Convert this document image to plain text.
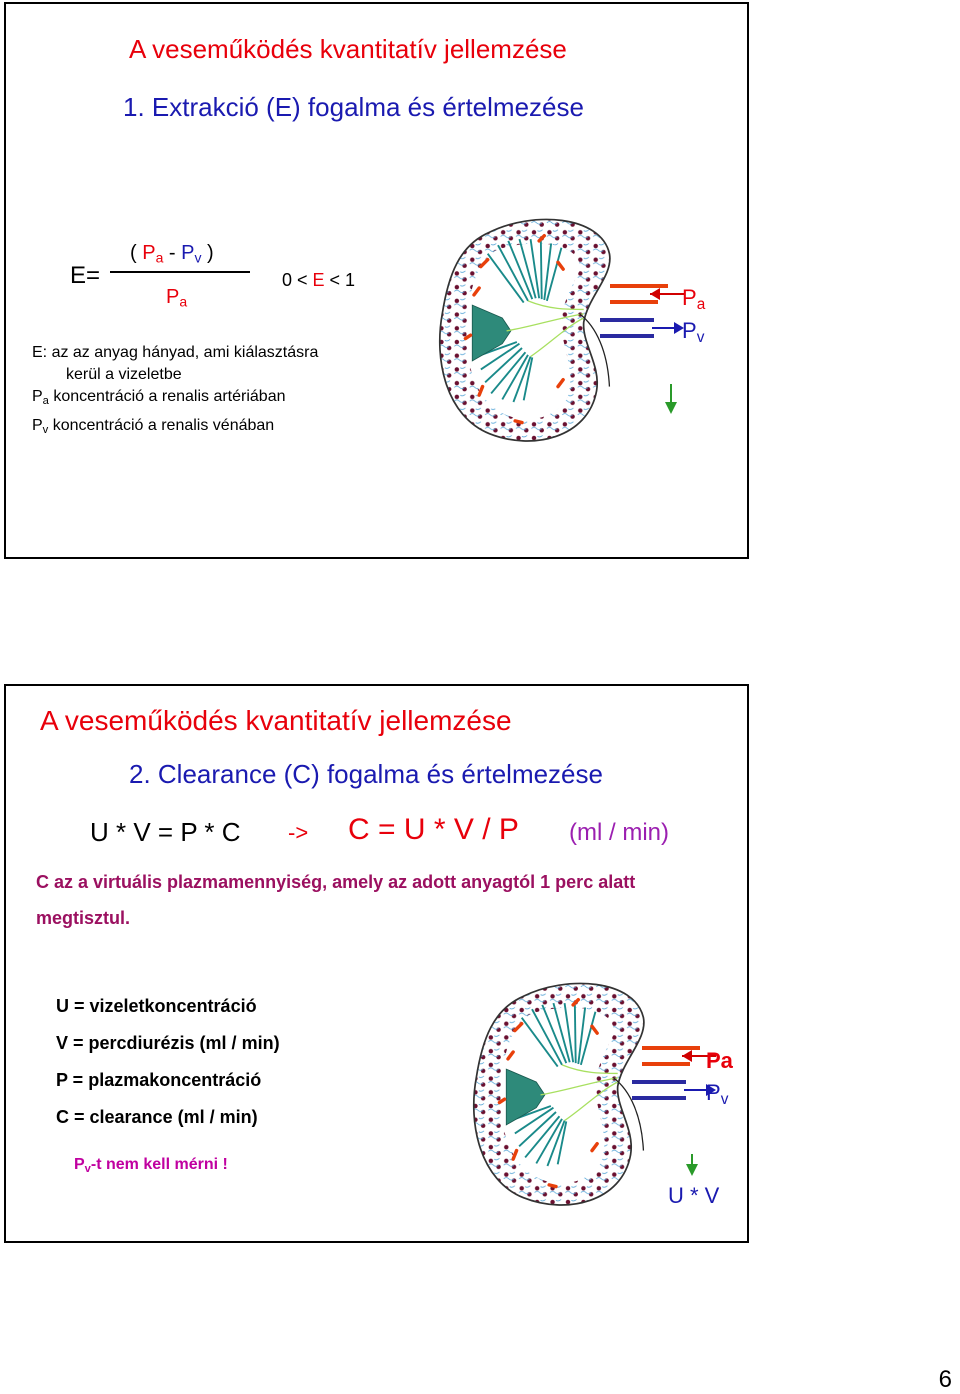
A veseműködés kvantitatív jellemzése
1. Extrakció (E) fogalma és értelmezése
E=
( $P_a - P_v$ )
$P_a$
0 < E < 1
E: az az anyag hányad, ami kiálasztásra
kerül a vizeletbe
$P_a$ koncentráció a renalis artériában
$P_v$ koncentráció a renalis vénában
$P_a$
$P_v$
A veseműködés kvantitatív jellemzése
2. Clearance (C) fogalma és értelmezése
U * V = P * C -> C = U * V / P (ml / min)
C az a virtuális plazmamennyiség, amely az adott anyagtól 1 perc alatt
megtisztul.
U = vizeletkoncentráció
V = percdiurézis (ml / min)
P = plazmakoncentráció
C = clearance (ml / min)
$P_v-t$ nem kell mérni !
Pa
$P_v$
U * V
6
